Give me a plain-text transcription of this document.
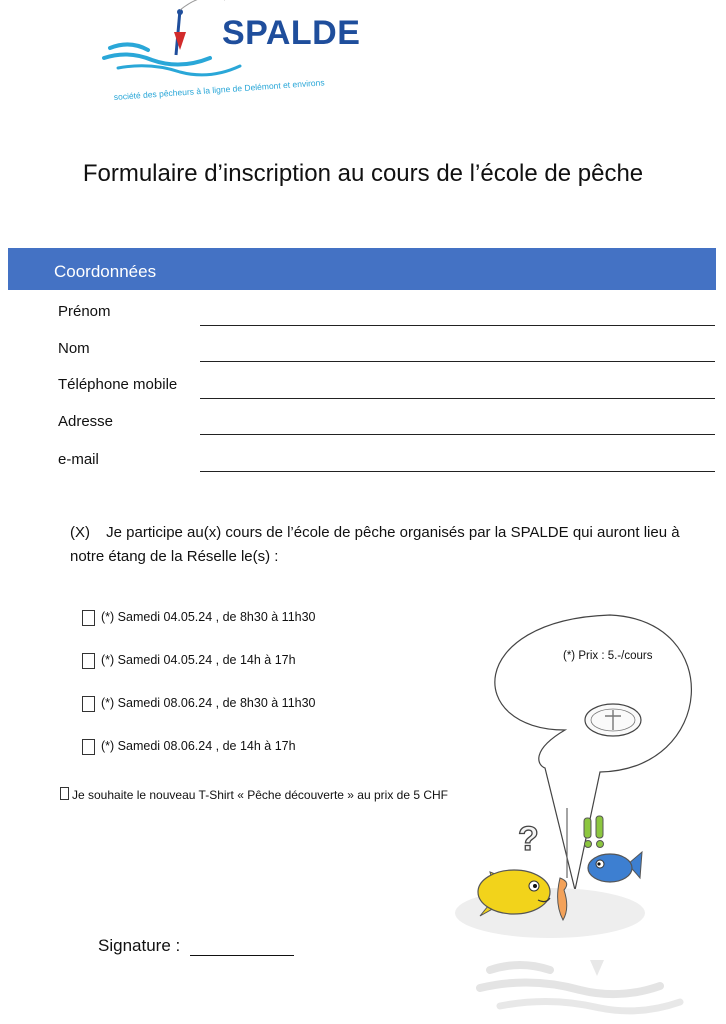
société des pêcheurs à la ligne de Delémont et environs
SPALDE
Formulaire d’inscription au cours de l’école de pêche
Coordonnées
Prénom
Nom
Téléphone mobile
Adresse
e-mail
(X) Je participe au(x) cours de l’école de pêche organisés par la SPALDE qui auront lieu à notre étang de la Réselle le(s) :
(*) Samedi 04.05.24 , de 8h30 à 11h30
(*) Samedi 04.05.24 , de 14h à 17h
(*) Samedi 08.06.24 , de 8h30 à 11h30
(*) Samedi 08.06.24 , de 14h à 17h
Je souhaite le nouveau T-Shirt « Pêche découverte » au prix de 5 CHF
(*) Prix : 5.-/cours
?
Signature :
